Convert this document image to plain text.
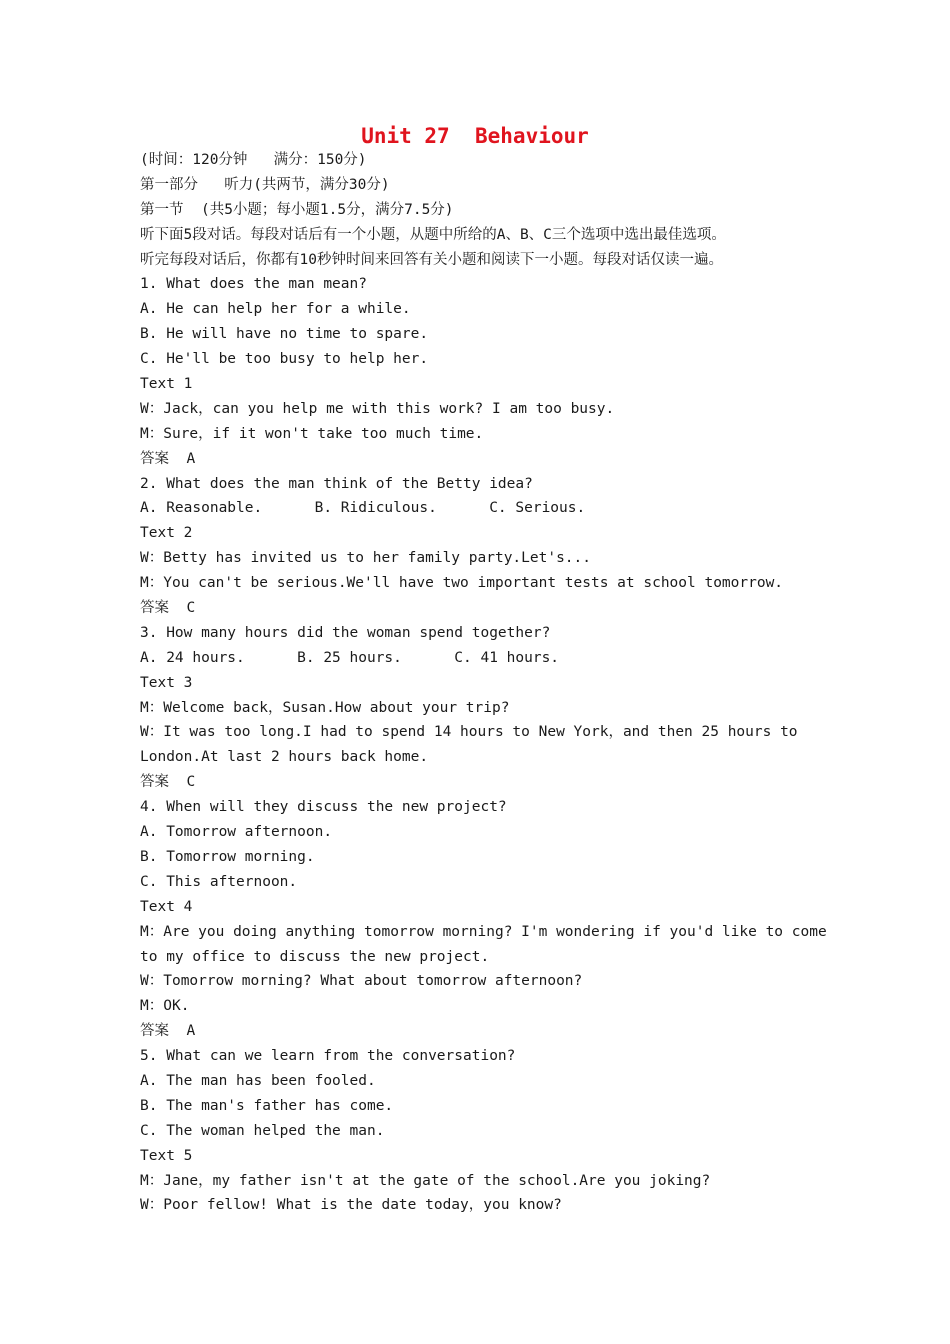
Unit 27  Behaviour
(时间：120分钟   满分：150分)
第一部分   听力(共两节，满分30分)
第一节  (共5小题；每小题1.5分，满分7.5分)
听下面5段对话。每段对话后有一个小题，从题中所给的A、B、C三个选项中选出最佳选项。
听完每段对话后，你都有10秒钟时间来回答有关小题和阅读下一小题。每段对话仅读一遍。
1. What does the man mean?
A. He can help her for a while.
B. He will have no time to spare.
C. He'll be too busy to help her.
Text 1
W：Jack，can you help me with this work? I am too busy.
M：Sure，if it won't take too much time.
答案  A
2. What does the man think of the Betty idea?
A. Reasonable.      B. Ridiculous.      C. Serious.
Text 2
W：Betty has invited us to her family party.Let's...
M：You can't be serious.We'll have two important tests at school tomorrow.
答案  C
3. How many hours did the woman spend together?
A. 24 hours.      B. 25 hours.      C. 41 hours.
Text 3
M：Welcome back，Susan.How about your trip?
W：It was too long.I had to spend 14 hours to New York，and then 25 hours to
London.At last 2 hours back home.
答案  C
4. When will they discuss the new project?
A. Tomorrow afternoon.
B. Tomorrow morning.
C. This afternoon.
Text 4
M：Are you doing anything tomorrow morning? I'm wondering if you'd like to come
to my office to discuss the new project.
W：Tomorrow morning? What about tomorrow afternoon?
M：OK.
答案  A
5. What can we learn from the conversation?
A. The man has been fooled.
B. The man's father has come.
C. The woman helped the man.
Text 5
M：Jane，my father isn't at the gate of the school.Are you joking?
W：Poor fellow! What is the date today，you know?
